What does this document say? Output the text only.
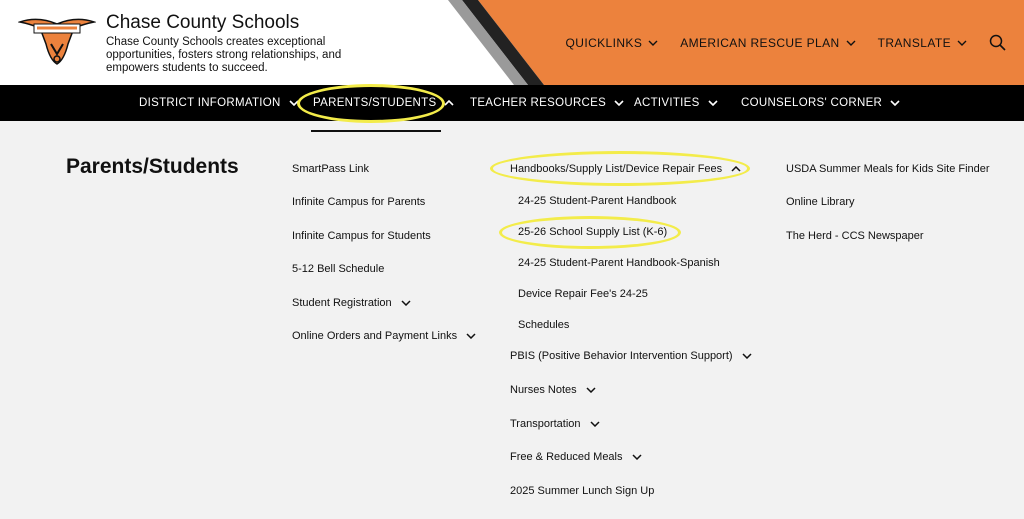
Chase County Schools
Chase County Schools creates exceptional opportunities, fosters strong relationships, and empowers students to succeed.
QUICKLINKS	AMERICAN RESCUE PLAN	TRANSLATE
DISTRICT INFORMATION	PARENTS/STUDENTS	TEACHER RESOURCES ACTIVITIES	COUNSELORS' CORNER
Parents/Students	SmartPass Link
Infinite Campus for Parents
Infinite Campus for Students
5-12 Bell Schedule
Student Registration
Online Orders and Payment Links
Handbooks/Supply List/Device Repair Fees
24-25 Student-Parent Handbook
25-26 School Supply List (K-6)
24-25 Student-Parent Handbook-Spanish
Device Repair Fee's 24-25
Schedules
PBIS (Positive Behavior Intervention Support)
Nurses Notes
Transportation
Free & Reduced Meals
2025 Summer Lunch Sign Up
USDA Summer Meals for Kids Site Finder
Online Library
The Herd - CCS Newspaper
